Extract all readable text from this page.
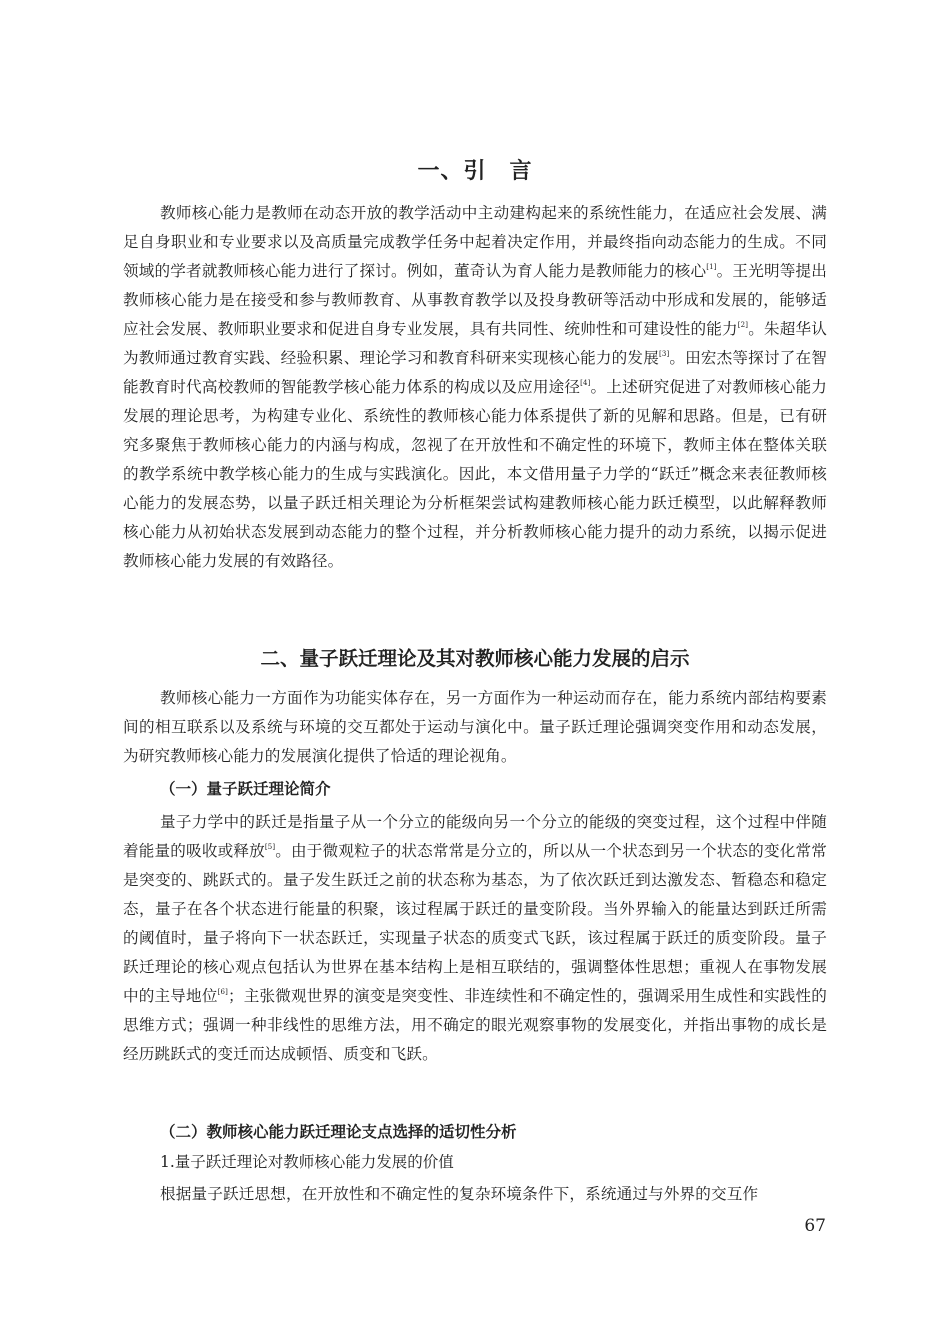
一、引　言

教师核心能力是教师在动态开放的教学活动中主动建构起来的系统性能力，在适应社会发展、满足自身职业和专业要求以及高质量完成教学任务中起着决定作用，并最终指向动态能力的生成。不同领域的学者就教师核心能力进行了探讨。例如，董奇认为育人能力是教师能力的核心[1]。王光明等提出教师核心能力是在接受和参与教师教育、从事教育教学以及投身教研等活动中形成和发展的，能够适应社会发展、教师职业要求和促进自身专业发展，具有共同性、统帅性和可建设性的能力[2]。朱超华认为教师通过教育实践、经验积累、理论学习和教育科研来实现核心能力的发展[3]。田宏杰等探讨了在智能教育时代高校教师的智能教学核心能力体系的构成以及应用途径[4]。上述研究促进了对教师核心能力发展的理论思考，为构建专业化、系统性的教师核心能力体系提供了新的见解和思路。但是，已有研究多聚焦于教师核心能力的内涵与构成，忽视了在开放性和不确定性的环境下，教师主体在整体关联的教学系统中教学核心能力的生成与实践演化。因此，本文借用量子力学的“跃迁”概念来表征教师核心能力的发展态势，以量子跃迁相关理论为分析框架尝试构建教师核心能力跃迁模型，以此解释教师核心能力从初始状态发展到动态能力的整个过程，并分析教师核心能力提升的动力系统，以揭示促进教师核心能力发展的有效路径。

二、量子跃迁理论及其对教师核心能力发展的启示

教师核心能力一方面作为功能实体存在，另一方面作为一种运动而存在，能力系统内部结构要素间的相互联系以及系统与环境的交互都处于运动与演化中。量子跃迁理论强调突变作用和动态发展，为研究教师核心能力的发展演化提供了恰适的理论视角。

（一）量子跃迁理论简介

量子力学中的跃迁是指量子从一个分立的能级向另一个分立的能级的突变过程，这个过程中伴随着能量的吸收或释放[5]。由于微观粒子的状态常常是分立的，所以从一个状态到另一个状态的变化常常是突变的、跳跃式的。量子发生跃迁之前的状态称为基态，为了依次跃迁到达激发态、暂稳态和稳定态，量子在各个状态进行能量的积聚，该过程属于跃迁的量变阶段。当外界输入的能量达到跃迁所需的阈值时，量子将向下一状态跃迁，实现量子状态的质变式飞跃，该过程属于跃迁的质变阶段。量子跃迁理论的核心观点包括认为世界在基本结构上是相互联结的，强调整体性思想；重视人在事物发展中的主导地位[6]；主张微观世界的演变是突变性、非连续性和不确定性的，强调采用生成性和实践性的思维方式；强调一种非线性的思维方法，用不确定的眼光观察事物的发展变化，并指出事物的成长是经历跳跃式的变迁而达成顿悟、质变和飞跃。

（二）教师核心能力跃迁理论支点选择的适切性分析
1.量子跃迁理论对教师核心能力发展的价值

根据量子跃迁思想，在开放性和不确定性的复杂环境条件下，系统通过与外界的交互作

67
